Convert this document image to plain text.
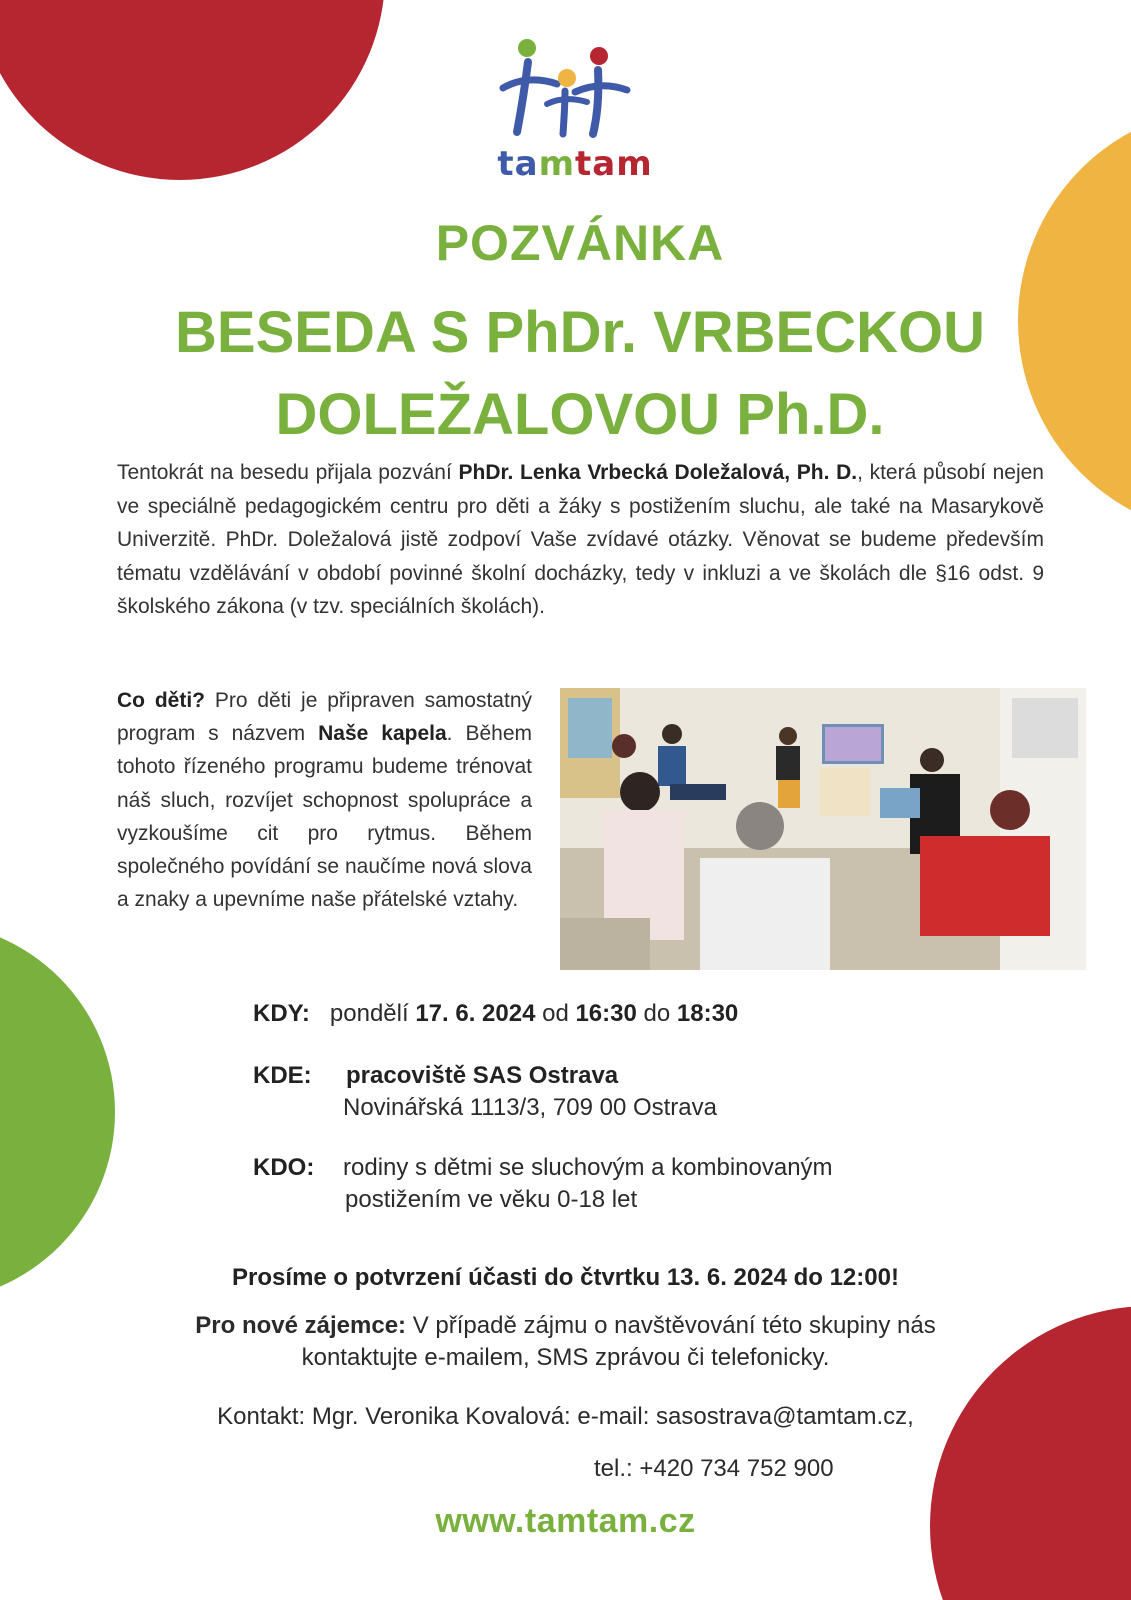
tamtam
POZVÁNKA
BESEDA S PhDr. VRBECKOU
DOLEŽALOVOU Ph.D.

Tentokrát na besedu přijala pozvání PhDr. Lenka Vrbecká Doležalová, Ph. D., která působí nejen ve speciálně pedagogickém centru pro děti a žáky s postižením sluchu, ale také na Masarykově Univerzitě. PhDr. Doležalová jistě zodpoví Vaše zvídavé otázky. Věnovat se budeme především tématu vzdělávání v období povinné školní docházky, tedy v inkluzi a ve školách dle §16 odst. 9 školského zákona (v tzv. speciálních školách).

Co děti? Pro děti je připraven samostatný program s názvem Naše kapela. Během tohoto řízeného programu budeme trénovat náš sluch, rozvíjet schopnost spolupráce a vyzkoušíme cit pro rytmus. Během společného povídání se naučíme nová slova a znaky a upevníme naše přátelské vztahy.

KDY: pondělí 17. 6. 2024 od 16:30 do 18:30
KDE: pracoviště SAS Ostrava
Novinářská 1113/3, 709 00 Ostrava
KDO: rodiny s dětmi se sluchovým a kombinovaným
postižením ve věku 0-18 let
Prosíme o potvrzení účasti do čtvrtku 13. 6. 2024 do 12:00!
Pro nové zájemce: V případě zájmu o navštěvování této skupiny nás
kontaktujte e-mailem, SMS zprávou či telefonicky.
Kontakt: Mgr. Veronika Kovalová: e-mail: sasostrava@tamtam.cz,
tel.: +420 734 752 900
www.tamtam.cz
